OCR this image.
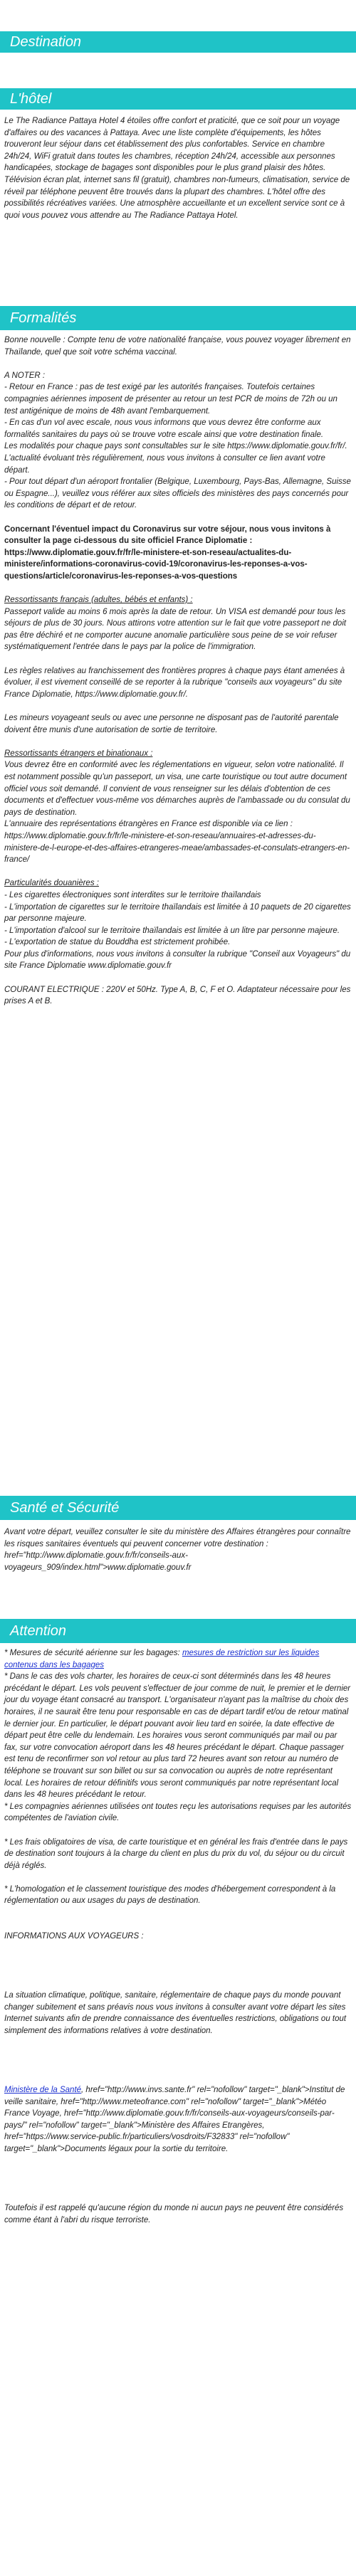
Destination
L'hôtel

Le The Radiance Pattaya Hotel 4 étoiles offre confort et praticité, que ce soit pour un voyage d'affaires ou des vacances à Pattaya. Avec une liste complète d'équipements, les hôtes trouveront leur séjour dans cet établissement des plus confortables. Service en chambre 24h/24, WiFi gratuit dans toutes les chambres, réception 24h/24, accessible aux personnes handicapées, stockage de bagages sont disponibles pour le plus grand plaisir des hôtes. Télévision écran plat, internet sans fil (gratuit), chambres non-fumeurs, climatisation, service de réveil par téléphone peuvent être trouvés dans la plupart des chambres. L'hôtel offre des possibilités récréatives variées. Une atmosphère accueillante et un excellent service sont ce à quoi vous pouvez vous attendre au The Radiance Pattaya Hotel.

Formalités

Bonne nouvelle : Compte tenu de votre nationalité française, vous pouvez voyager librement en Thaïlande, quel que soit votre schéma vaccinal.

A NOTER :

- Retour en France : pas de test exigé par les autorités françaises. Toutefois certaines compagnies aériennes imposent de présenter au retour un test PCR de moins de 72h ou un test antigénique de moins de 48h avant l'embarquement.

- En cas d'un vol avec escale, nous vous informons que vous devrez être conforme aux formalités sanitaires du pays où se trouve votre escale ainsi que votre destination finale.

Les modalités pour chaque pays sont consultables sur le site https://www.diplomatie.gouv.fr/fr/. L'actualité évoluant très régulièrement, nous vous invitons à consulter ce lien avant votre départ.

- Pour tout départ d'un aéroport frontalier (Belgique, Luxembourg, Pays-Bas, Allemagne, Suisse ou Espagne...), veuillez vous référer aux sites officiels des ministères des pays concernés pour les conditions de départ et de retour.

Concernant l'éventuel impact du Coronavirus sur votre séjour, nous vous invitons à consulter la page ci-dessous du site officiel France Diplomatie : https://www.diplomatie.gouv.fr/fr/le-ministere-et-son-reseau/actualites-du-ministere/informations-coronavirus-covid-19/coronavirus-les-reponses-a-vos-questions/article/coronavirus-les-reponses-a-vos-questions

Ressortissants français (adultes, bébés et enfants) :

Passeport valide au moins 6 mois après la date de retour. Un VISA est demandé pour tous les séjours de plus de 30 jours. Nous attirons votre attention sur le fait que votre passeport ne doit pas être déchiré et ne comporter aucune anomalie particulière sous peine de se voir refuser systématiquement l'entrée dans le pays par la police de l'immigration.

Les règles relatives au franchissement des frontières propres à chaque pays étant amenées à évoluer, il est vivement conseillé de se reporter à la rubrique "conseils aux voyageurs" du site France Diplomatie, https://www.diplomatie.gouv.fr/.

Les mineurs voyageant seuls ou avec une personne ne disposant pas de l'autorité parentale doivent être munis d'une autorisation de sortie de territoire.

Ressortissants étrangers et binationaux :

Vous devrez être en conformité avec les réglementations en vigueur, selon votre nationalité. Il est notamment possible qu'un passeport, un visa, une carte touristique ou tout autre document officiel vous soit demandé. Il convient de vous renseigner sur les délais d'obtention de ces documents et d'effectuer vous-même vos démarches auprès de l'ambassade ou du consulat du pays de destination.

L'annuaire des représentations étrangères en France est disponible via ce lien : https://www.diplomatie.gouv.fr/fr/le-ministere-et-son-reseau/annuaires-et-adresses-du-ministere-de-l-europe-et-des-affaires-etrangeres-meae/ambassades-et-consulats-etrangers-en-france/

Particularités douanières :

- Les cigarettes électroniques sont interdites sur le territoire thaïlandais

- L'importation de cigarettes sur le territoire thaïlandais est limitée à 10 paquets de 20 cigarettes par personne majeure.

- L'importation d'alcool sur le territoire thaïlandais est limitée à un litre par personne majeure.

- L'exportation de statue du Bouddha est strictement prohibée.

Pour plus d'informations, nous vous invitons à consulter la rubrique "Conseil aux Voyageurs" du site France Diplomatie www.diplomatie.gouv.fr

COURANT ELECTRIQUE : 220V et 50Hz. Type A, B, C, F et O. Adaptateur nécessaire pour les prises A et B.

Santé et Sécurité

Avant votre départ, veuillez consulter le site du ministère des Affaires étrangères pour connaître les risques sanitaires éventuels qui peuvent concerner votre destination : href="http://www.diplomatie.gouv.fr/fr/conseils-aux-voyageurs_909/index.html">www.diplomatie.gouv.fr

Attention

* Mesures de sécurité aérienne sur les bagages: mesures de restriction sur les liquides contenus dans les bagages

* Dans le cas des vols charter, les horaires de ceux-ci sont déterminés dans les 48 heures précédant le départ. Les vols peuvent s'effectuer de jour comme de nuit, le premier et le dernier jour du voyage étant consacré au transport. L'organisateur n'ayant pas la maîtrise du choix des horaires, il ne saurait être tenu pour responsable en cas de départ tardif et/ou de retour matinal le dernier jour. En particulier, le départ pouvant avoir lieu tard en soirée, la date effective de départ peut être celle du lendemain. Les horaires vous seront communiqués par mail ou par fax, sur votre convocation aéroport dans les 48 heures précédant le départ. Chaque passager est tenu de reconfirmer son vol retour au plus tard 72 heures avant son retour au numéro de téléphone se trouvant sur son billet ou sur sa convocation ou auprès de notre représentant local. Les horaires de retour définitifs vous seront communiqués par notre représentant local dans les 48 heures précédant le retour.

* Les compagnies aériennes utilisées ont toutes reçu les autorisations requises par les autorités compétentes de l'aviation civile.

* Les frais obligatoires de visa, de carte touristique et en général les frais d'entrée dans le pays de destination sont toujours à la charge du client en plus du prix du vol, du séjour ou du circuit déjà réglés.

* L'homologation et le classement touristique des modes d'hébergement correspondent à la réglementation ou aux usages du pays de destination.

INFORMATIONS AUX VOYAGEURS :

La situation climatique, politique, sanitaire, réglementaire de chaque pays du monde pouvant changer subitement et sans préavis nous vous invitons à consulter avant votre départ les sites Internet suivants afin de prendre connaissance des éventuelles restrictions, obligations ou tout simplement des informations relatives à votre destination.

Ministère de la Santé, href="http://www.invs.sante.fr" rel="nofollow" target="_blank">Institut de veille sanitaire, href="http://www.meteofrance.com" rel="nofollow" target="_blank">Météo France Voyage, href="http://www.diplomatie.gouv.fr/fr/conseils-aux-voyageurs/conseils-par-pays/" rel="nofollow" target="_blank">Ministère des Affaires Etrangères, href="https://www.service-public.fr/particuliers/vosdroits/F32833" rel="nofollow" target="_blank">Documents légaux pour la sortie du territoire.

Toutefois il est rappelé qu'aucune région du monde ni aucun pays ne peuvent être considérés comme étant à l'abri du risque terroriste.
